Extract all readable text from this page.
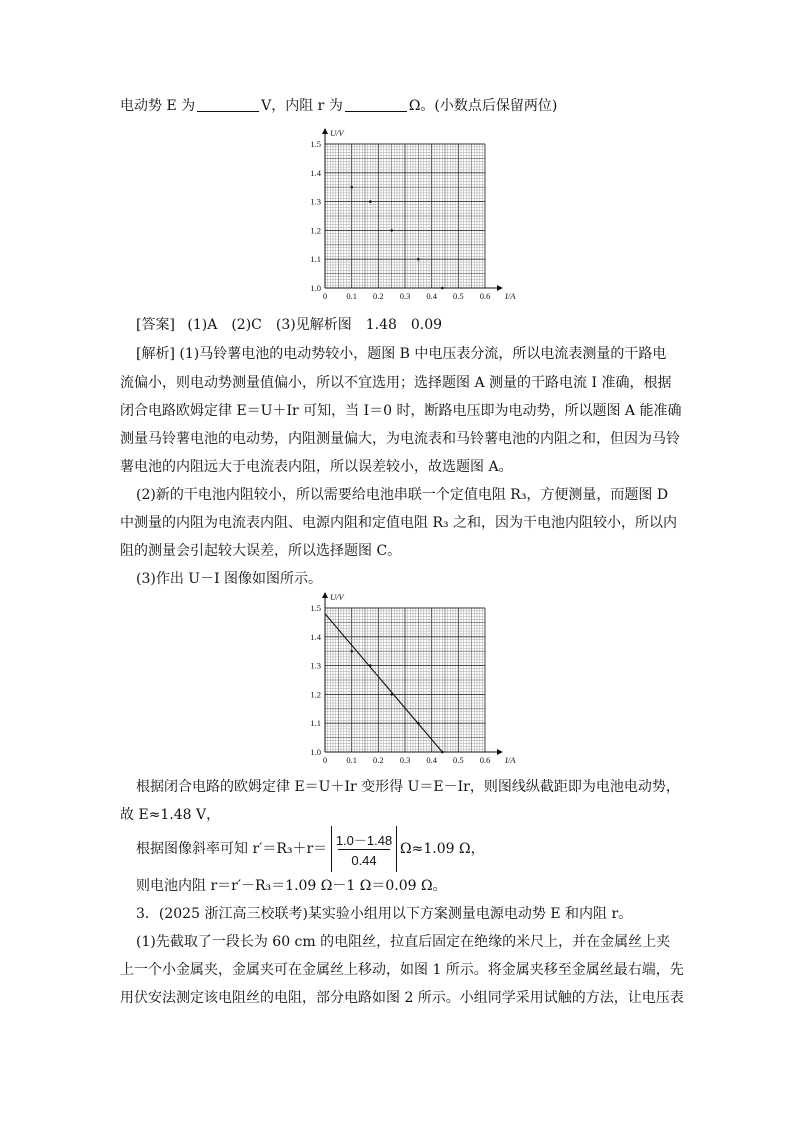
电动势 E 为	V，内阻 r 为	Ω。(小数点后保留两位)
0 0.1 0.2 0.3 0.4 0.5 0.6
1.0
1.1
1.2
1.3
1.4
1.5
I/A
U/V
[答案] (1)A　(2)C　(3)见解析图　1.48　0.09
[解析] (1)马铃薯电池的电动势较小，题图 B 中电压表分流，所以电流表测量的干路电
流偏小，则电动势测量值偏小，所以不宜选用；选择题图 A 测量的干路电流 I 准确，根据
闭合电路欧姆定律 E＝U＋Ir 可知，当 I＝0 时，断路电压即为电动势，所以题图 A 能准确
测量马铃薯电池的电动势，内阻测量偏大，为电流表和马铃薯电池的内阻之和，但因为马铃
薯电池的内阻远大于电流表内阻，所以误差较小，故选题图 A。
(2)新的干电池内阻较小，所以需要给电池串联一个定值电阻 R₃，方便测量，而题图 D
中测量的内阻为电流表内阻、电源内阻和定值电阻 R₃ 之和，因为干电池内阻较小，所以内
阻的测量会引起较大误差，所以选择题图 C。
(3)作出 U－I 图像如图所示。
0 0.1 0.2 0.3 0.4 0.5 0.6
1.0
1.1
1.2
1.3
1.4
1.5
I/A
U/V
根据闭合电路的欧姆定律 E＝U＋Ir 变形得 U＝E－Ir，则图线纵截距即为电池电动势，
故 E≈1.48 V，
根据图像斜率可知 r′＝R₃＋r＝
1.0－1.48
0.44
Ω≈1.09 Ω，
则电池内阻 r＝r′－R₃＝1.09 Ω－1 Ω＝0.09 Ω。
3．(2025 浙江高三校联考)某实验小组用以下方案测量电源电动势 E 和内阻 r。
(1)先截取了一段长为 60 cm 的电阻丝，拉直后固定在绝缘的米尺上，并在金属丝上夹
上一个小金属夹，金属夹可在金属丝上移动，如图 1 所示。将金属夹移至金属丝最右端，先
用伏安法测定该电阻丝的电阻，部分电路如图 2 所示。小组同学采用试触的方法，让电压表
